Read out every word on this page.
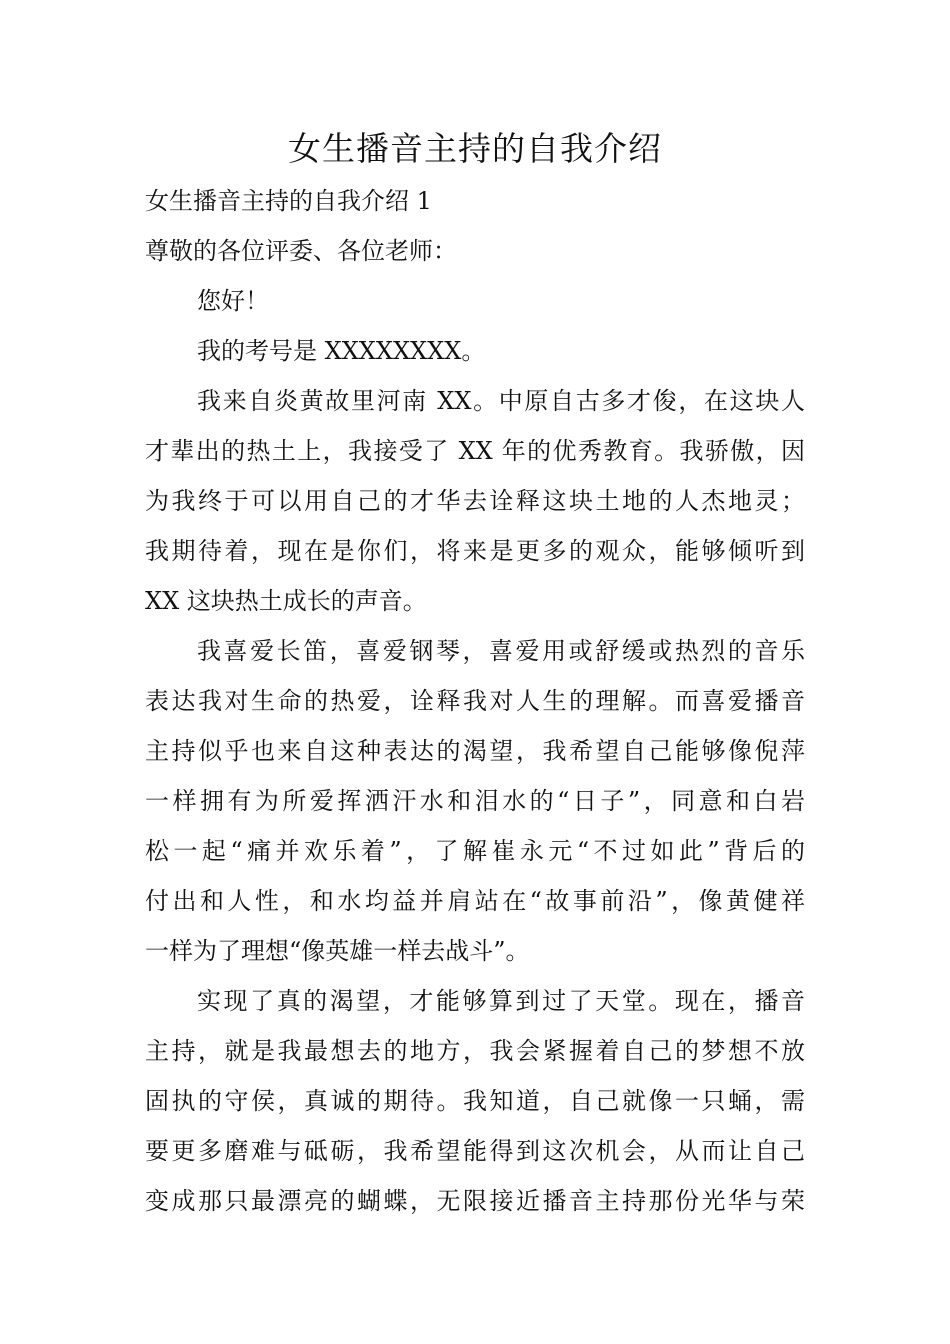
女生播音主持的自我介绍
女生播音主持的自我介绍 1
尊敬的各位评委、各位老师：
您好！
我的考号是 XXXXXXXX。
我来自炎黄故里河南 XX。中原自古多才俊，在这块人
才辈出的热土上，我接受了 XX 年的优秀教育。我骄傲，因
为我终于可以用自己的才华去诠释这块土地的人杰地灵；
我期待着，现在是你们，将来是更多的观众，能够倾听到
XX 这块热土成长的声音。
我喜爱长笛，喜爱钢琴，喜爱用或舒缓或热烈的音乐
表达我对生命的热爱，诠释我对人生的理解。而喜爱播音
主持似乎也来自这种表达的渴望，我希望自己能够像倪萍
一样拥有为所爱挥洒汗水和泪水的“日子”，同意和白岩
松一起“痛并欢乐着”，了解崔永元“不过如此”背后的
付出和人性，和水均益并肩站在“故事前沿”，像黄健祥
一样为了理想“像英雄一样去战斗”。
实现了真的渴望，才能够算到过了天堂。现在，播音
主持，就是我最想去的地方，我会紧握着自己的梦想不放
固执的守侯，真诚的期待。我知道，自己就像一只蛹，需
要更多磨难与砥砺，我希望能得到这次机会，从而让自己
变成那只最漂亮的蝴蝶，无限接近播音主持那份光华与荣
